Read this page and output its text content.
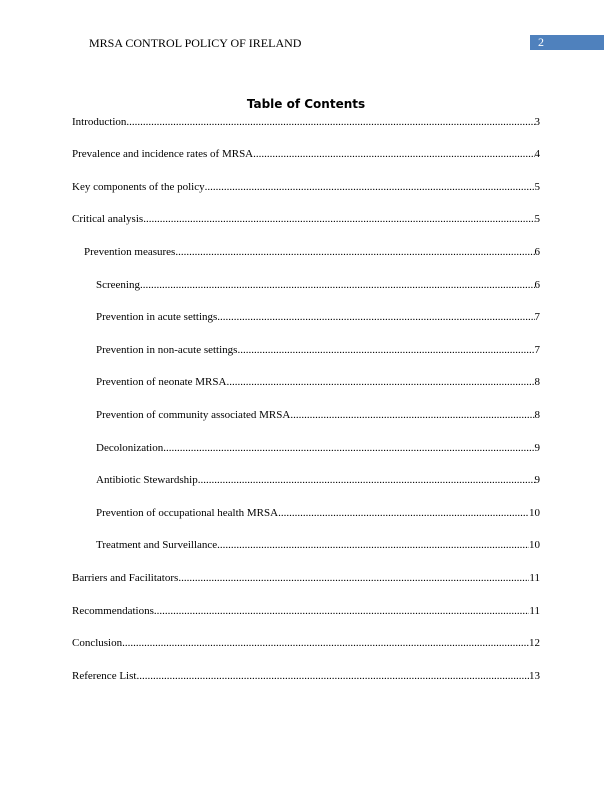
MRSA CONTROL POLICY OF IRELAND	2
Table of Contents
Introduction .....	3
Prevalence and incidence rates of MRSA .....	4
Key components of the policy .....	5
Critical analysis .....	5
Prevention measures .....	6
Screening .....	6
Prevention in acute settings .....	7
Prevention in non-acute settings .....	7
Prevention of neonate MRSA .....	8
Prevention of community associated MRSA .....	8
Decolonization .....	9
Antibiotic Stewardship .....	9
Prevention of occupational health MRSA .....	10
Treatment and Surveillance .....	10
Barriers and Facilitators .....	11
Recommendations .....	11
Conclusion .....	12
Reference List .....	13
